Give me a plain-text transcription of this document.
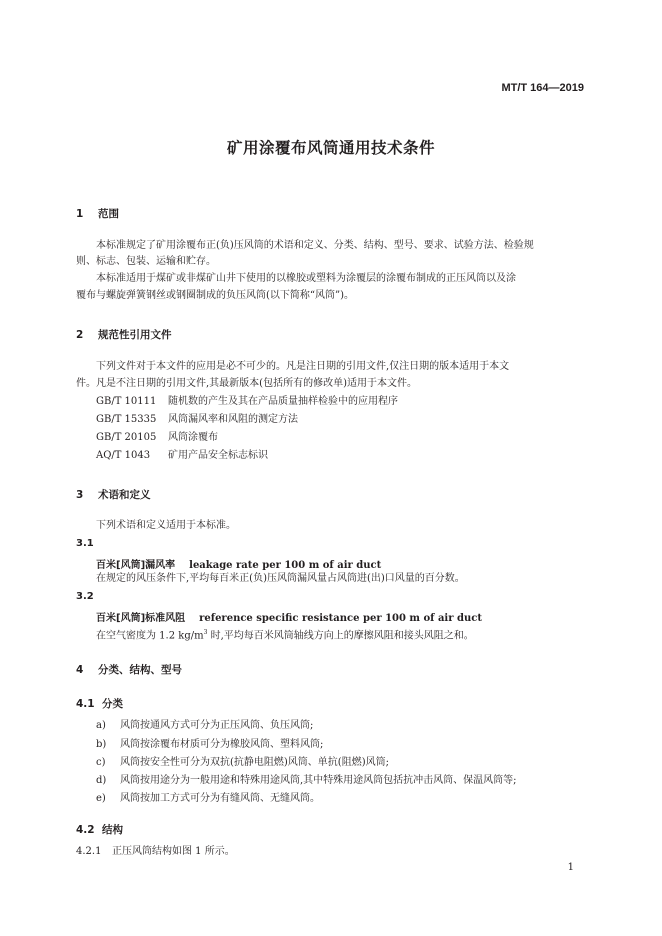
MT/T 164—2019
矿用涂覆布风筒通用技术条件
1 范围
本标准规定了矿用涂覆布正(负)压风筒的术语和定义、分类、结构、型号、要求、试验方法、检验规
则、标志、包装、运输和贮存。
本标准适用于煤矿或非煤矿山井下使用的以橡胶或塑料为涂覆层的涂覆布制成的正压风筒以及涂
覆布与螺旋弹簧钢丝或钢圈制成的负压风筒(以下简称“风筒”)。
2 规范性引用文件
下列文件对于本文件的应用是必不可少的。凡是注日期的引用文件,仅注日期的版本适用于本文
件。凡是不注日期的引用文件,其最新版本(包括所有的修改单)适用于本文件。
GB/T 10111 随机数的产生及其在产品质量抽样检验中的应用程序
GB/T 15335 风筒漏风率和风阻的测定方法
GB/T 20105 风筒涂覆布
AQ/T 1043 矿用产品安全标志标识
3 术语和定义
下列术语和定义适用于本标准。
3.1
百米[风筒]漏风率 leakage rate per 100 m of air duct
在规定的风压条件下,平均每百米正(负)压风筒漏风量占风筒进(出)口风量的百分数。
3.2
百米[风筒]标准风阻 reference specific resistance per 100 m of air duct
在空气密度为 1.2 $kg/m^3$ 时,平均每百米风筒轴线方向上的摩擦风阻和接头风阻之和。
4 分类、结构、型号
4.1 分类
a) 风筒按通风方式可分为正压风筒、负压风筒;
b) 风筒按涂覆布材质可分为橡胶风筒、塑料风筒;
c) 风筒按安全性可分为双抗(抗静电阻燃)风筒、单抗(阻燃)风筒;
d) 风筒按用途分为一般用途和特殊用途风筒,其中特殊用途风筒包括抗冲击风筒、保温风筒等;
e) 风筒按加工方式可分为有缝风筒、无缝风筒。
4.2 结构
4.2.1 正压风筒结构如图 1 所示。
1
